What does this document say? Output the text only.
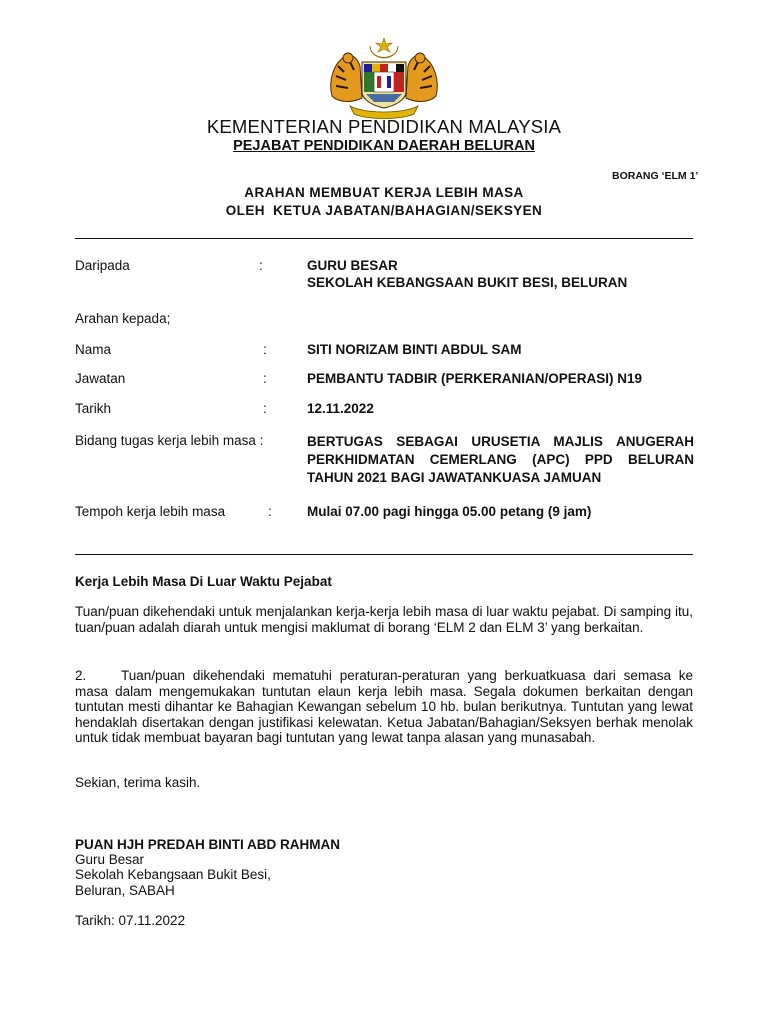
KEMENTERIAN PENDIDIKAN MALAYSIA
PEJABAT PENDIDIKAN DAERAH BELURAN
BORANG ‘ELM 1’
ARAHAN MEMBUAT KERJA LEBIH MASA
OLEH  KETUA JABATAN/BAHAGIAN/SEKSYEN
Daripada	:	GURU BESAR
SEKOLAH KEBANGSAAN BUKIT BESI, BELURAN
Arahan kepada;
Nama	:	SITI NORIZAM BINTI ABDUL SAM
Jawatan	:	PEMBANTU TADBIR (PERKERANIAN/OPERASI) N19
Tarikh	:	12.11.2022
Bidang tugas kerja lebih masa :	BERTUGAS SEBAGAI URUSETIA MAJLIS ANUGERAH PERKHIDMATAN CEMERLANG (APC) PPD BELURAN TAHUN 2021 BAGI JAWATANKUASA JAMUAN
Tempoh kerja lebih masa	:	Mulai 07.00 pagi hingga 05.00 petang (9 jam)
Kerja Lebih Masa Di Luar Waktu Pejabat
Tuan/puan dikehendaki untuk menjalankan kerja-kerja lebih masa di luar waktu pejabat. Di samping itu, tuan/puan adalah diarah untuk mengisi maklumat di borang ‘ELM 2 dan ELM 3’ yang berkaitan.
2.	Tuan/puan dikehendaki mematuhi peraturan-peraturan yang berkuatkuasa dari semasa ke masa dalam mengemukakan tuntutan elaun kerja lebih masa. Segala dokumen berkaitan dengan tuntutan mesti dihantar ke Bahagian Kewangan sebelum 10 hb. bulan berikutnya. Tuntutan yang lewat hendaklah disertakan dengan justifikasi kelewatan. Ketua Jabatan/Bahagian/Seksyen berhak menolak untuk tidak membuat bayaran bagi tuntutan yang lewat tanpa alasan yang munasabah.
Sekian, terima kasih.
PUAN HJH PREDAH BINTI ABD RAHMAN
Guru Besar
Sekolah Kebangsaan Bukit Besi,
Beluran, SABAH
Tarikh: 07.11.2022
